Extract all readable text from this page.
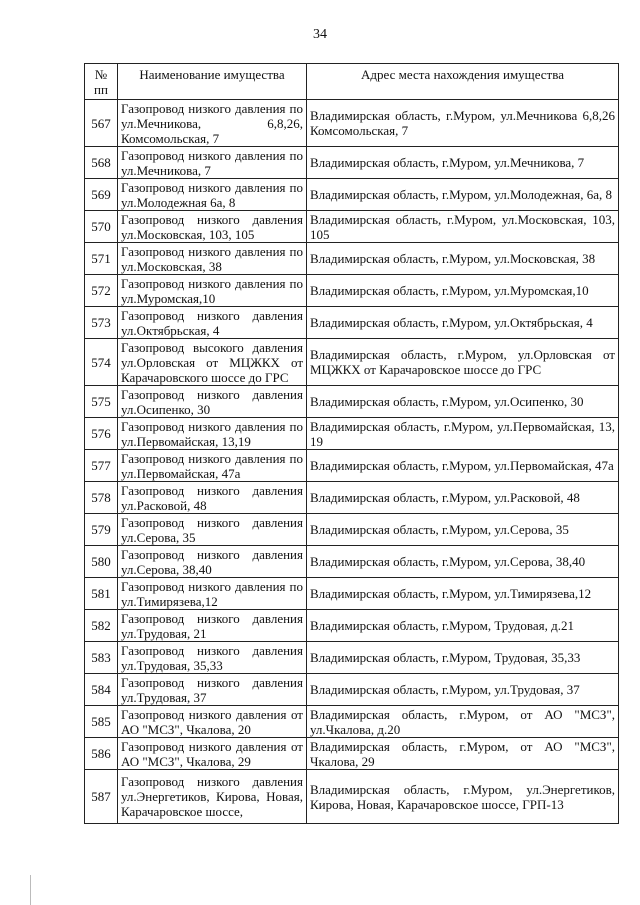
34
№ пп	Наименование имущества	Адрес места нахождения имущества
567	Газопровод низкого давления по ул.Мечникова, 6,8,26, Комсомольская, 7	Владимирская область, г.Муром, ул.Мечникова 6,8,26 Комсомольская, 7
568	Газопровод низкого давления по ул.Мечникова, 7	Владимирская область, г.Муром, ул.Мечникова, 7
569	Газопровод низкого давления по ул.Молодежная 6а, 8	Владимирская область, г.Муром, ул.Молодежная, 6а, 8
570	Газопровод низкого давления ул.Московская, 103, 105	Владимирская область, г.Муром, ул.Московская, 103, 105
571	Газопровод низкого давления по ул.Московская, 38	Владимирская область, г.Муром, ул.Московская, 38
572	Газопровод низкого давления по ул.Муромская,10	Владимирская область, г.Муром, ул.Муромская,10
573	Газопровод низкого давления ул.Октябрьская, 4	Владимирская область, г.Муром, ул.Октябрьская, 4
574	Газопровод высокого давления ул.Орловская от МЦЖКХ от Карачаровского шоссе до ГРС	Владимирская область, г.Муром, ул.Орловская от МЦЖКХ от Карачаровское шоссе до ГРС
575	Газопровод низкого давления ул.Осипенко, 30	Владимирская область, г.Муром, ул.Осипенко, 30
576	Газопровод низкого давления по ул.Первомайская, 13,19	Владимирская область, г.Муром, ул.Первомайская, 13, 19
577	Газопровод низкого давления по ул.Первомайская, 47а	Владимирская область, г.Муром, ул.Первомайская, 47а
578	Газопровод низкого давления ул.Расковой, 48	Владимирская область, г.Муром, ул.Расковой, 48
579	Газопровод низкого давления ул.Серова, 35	Владимирская область, г.Муром, ул.Серова, 35
580	Газопровод низкого давления ул.Серова, 38,40	Владимирская область, г.Муром, ул.Серова, 38,40
581	Газопровод низкого давления по ул.Тимирязева,12	Владимирская область, г.Муром, ул.Тимирязева,12
582	Газопровод низкого давления ул.Трудовая, 21	Владимирская область, г.Муром, Трудовая, д.21
583	Газопровод низкого давления ул.Трудовая, 35,33	Владимирская область, г.Муром, Трудовая, 35,33
584	Газопровод низкого давления ул.Трудовая, 37	Владимирская область, г.Муром, ул.Трудовая, 37
585	Газопровод низкого давления от АО "МСЗ", Чкалова, 20	Владимирская область, г.Муром, от АО "МСЗ", ул.Чкалова, д.20
586	Газопровод низкого давления от АО "МСЗ", Чкалова, 29	Владимирская область, г.Муром, от АО "МСЗ", Чкалова, 29
587	Газопровод низкого давления ул.Энергетиков, Кирова, Новая, Карачаровское шоссе,	Владимирская область, г.Муром, ул.Энергетиков, Кирова, Новая, Карачаровское шоссе, ГРП-13
